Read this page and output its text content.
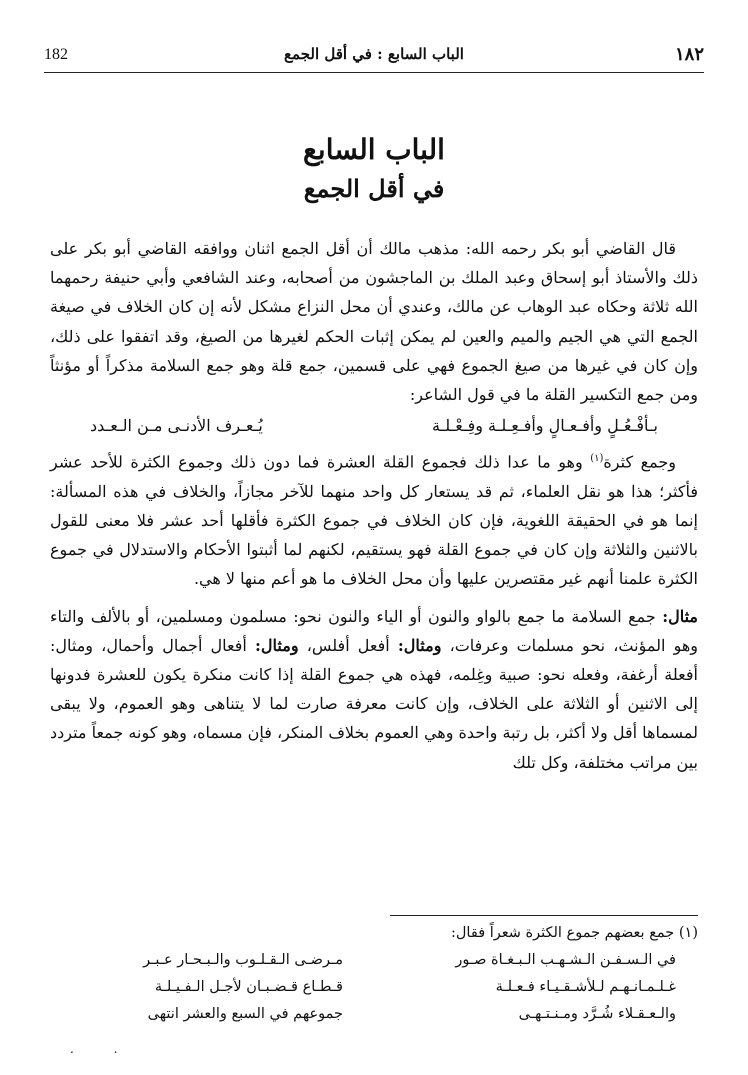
182	الباب السابع : في أقل الجمع	١٨٢
الباب السابع
في أقل الجمع

قال القاضي أبو بكر رحمه الله: مذهب مالك أن أقل الجمع اثنان ووافقه القاضي أبو بكر على ذلك والأستاذ أبو إسحاق وعبد الملك بن الماجشون من أصحابه، وعند الشافعي وأبي حنيفة رحمهما الله ثلاثة وحكاه عبد الوهاب عن مالك، وعندي أن محل النزاع مشكل لأنه إن كان الخلاف في صيغة الجمع التي هي الجيم والميم والعين لم يمكن إثبات الحكم لغيرها من الصيغ، وقد اتفقوا على ذلك، وإن كان في غيرها من صيغ الجموع فهي على قسمين، جمع قلة وهو جمع السلامة مذكراً أو مؤنثاً ومن جمع التكسير القلة ما في قول الشاعر:

بـأفْـعُـلٍ وأفـعـالٍ وأفـعِـلـة وفِـعْـلـة
يُـعـرف الأدنـى مـن الـعـدد

وجمع كثرة$^{(١)}$ وهو ما عدا ذلك فجموع القلة العشرة فما دون ذلك وجموع الكثرة للأحد عشر فأكثر؛ هذا هو نقل العلماء، ثم قد يستعار كل واحد منهما للآخر مجازاً، والخلاف في هذه المسألة: إنما هو في الحقيقة اللغوية، فإن كان الخلاف في جموع الكثرة فأقلها أحد عشر فلا معنى للقول بالاثنين والثلاثة وإن كان في جموع القلة فهو يستقيم، لكنهم لما أثبتوا الأحكام والاستدلال في جموع الكثرة علمنا أنهم غير مقتصرين عليها وأن محل الخلاف ما هو أعم منها لا هي.

مثال: جمع السلامة ما جمع بالواو والنون أو الياء والنون نحو: مسلمون ومسلمين، أو بالألف والتاء وهو المؤنث، نحو مسلمات وعرفات، ومثال: أفعل أفلس، ومثال: أفعال أجمال وأحمال، ومثال: أفعلة أرغفة، وفعله نحو: صبية وغِلمه، فهذه هي جموع القلة إذا كانت منكرة يكون للعشرة فدونها إلى الاثنين أو الثلاثة على الخلاف، وإن كانت معرفة صارت لما لا يتناهى وهو العموم، ولا يبقى لمسماها أقل ولا أكثر، بل رتبة واحدة وهي العموم بخلاف المنكر، فإن مسماه، وهو كونه جمعاً متردد بين مراتب مختلفة، وكل تلك

(١) جمع بعضهم جموع الكثرة شعراً فقال:
في الـسـفـن الـشـهـب الـبـغـاة صـور
مـرضـى الـقـلـوب والـبـحـار عـبـر
غـلـمـانـهـم لـلأشـقـيـاء فـعـلـة
قـطـاع قـضـبـان لأجـل الـفـيـلـة
والـعـقـلاء شُـرَّد ومـنـتـهـى
جموعهم في السبع والعشر انتهى
. .
